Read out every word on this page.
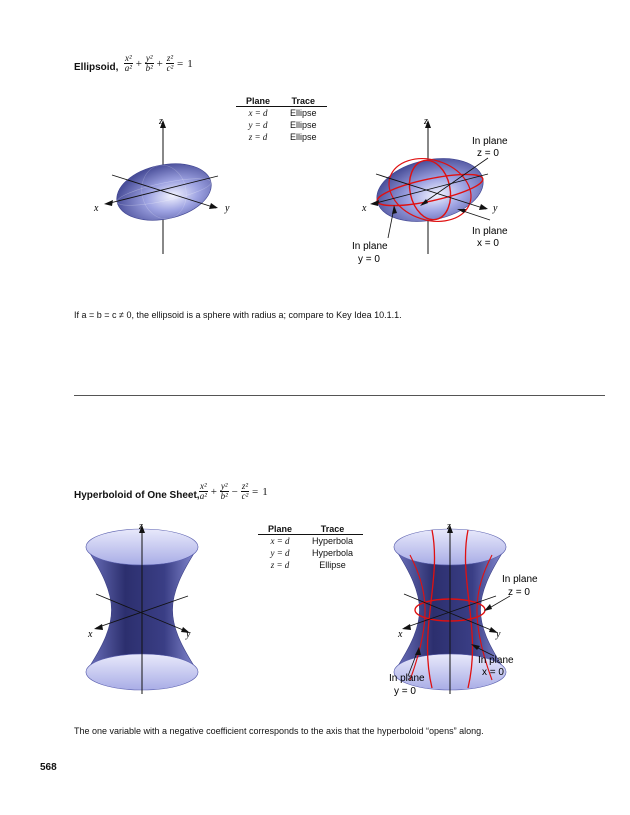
Ellipsoid, $\frac{\text{x²}}{\text{a²}} + \frac{\text{y²}}{\text{b²}} + \frac{\text{z²}}{\text{c²}} = 1$
Plane	Trace
x = d	Ellipse
y = d	Ellipse
z = d	Ellipse
z
x	y
z
x	y
In plane
z = 0
In plane
x = 0
In plane
y = 0
If a = b = c ≠ 0, the ellipsoid is a sphere with radius a; compare to Key Idea 10.1.1.
Hyperboloid of One Sheet, $\frac{\text{x²}}{\text{a²}} + \frac{\text{y²}}{\text{b²}} - \frac{\text{z²}}{\text{c²}} = 1$
Plane	Trace
x = d	Hyperbola
y = d	Hyperbola
z = d	Ellipse
z
x	y
z
x	y
In plane
z = 0
In plane
x = 0
In plane
y = 0
The one variable with a negative coefficient corresponds to the axis that the hyperboloid “opens” along.
568
